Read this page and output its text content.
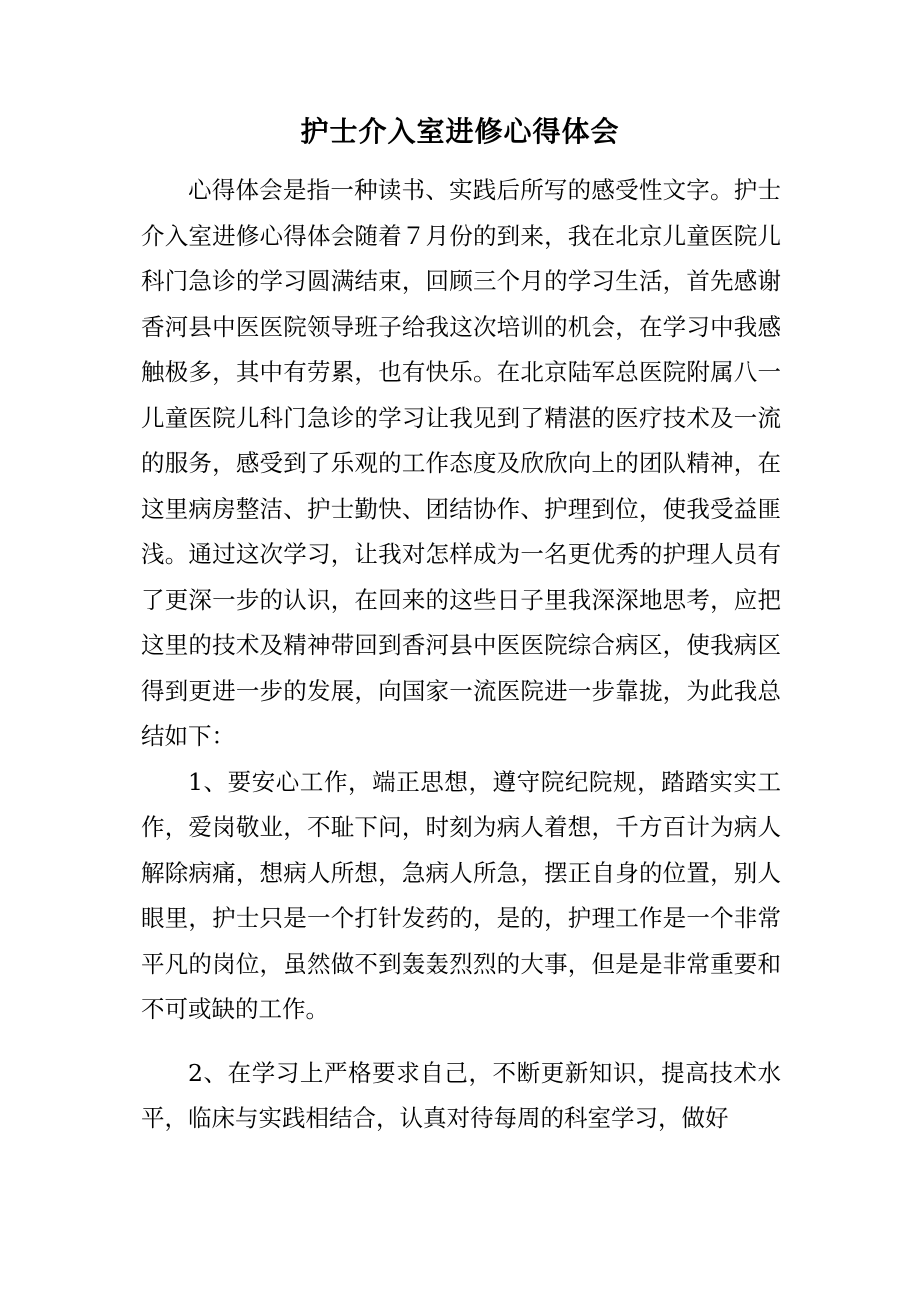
护士介入室进修心得体会

心得体会是指一种读书、实践后所写的感受性文字。护士介入室进修心得体会随着７月份的到来，我在北京儿童医院儿科门急诊的学习圆满结束，回顾三个月的学习生活，首先感谢香河县中医医院领导班子给我这次培训的机会，在学习中我感触极多，其中有劳累，也有快乐。在北京陆军总医院附属八一儿童医院儿科门急诊的学习让我见到了精湛的医疗技术及一流的服务，感受到了乐观的工作态度及欣欣向上的团队精神，在这里病房整洁、护士勤快、团结协作、护理到位，使我受益匪浅。通过这次学习，让我对怎样成为一名更优秀的护理人员有了更深一步的认识，在回来的这些日子里我深深地思考，应把这里的技术及精神带回到香河县中医医院综合病区，使我病区得到更进一步的发展，向国家一流医院进一步靠拢，为此我总结如下：

1、要安心工作，端正思想，遵守院纪院规，踏踏实实工作，爱岗敬业，不耻下问，时刻为病人着想，千方百计为病人解除病痛，想病人所想，急病人所急，摆正自身的位置，别人眼里，护士只是一个打针发药的，是的，护理工作是一个非常平凡的岗位，虽然做不到轰轰烈烈的大事，但是是非常重要和不可或缺的工作。

2、在学习上严格要求自己，不断更新知识，提高技术水平，临床与实践相结合，认真对待每周的科室学习，做好
